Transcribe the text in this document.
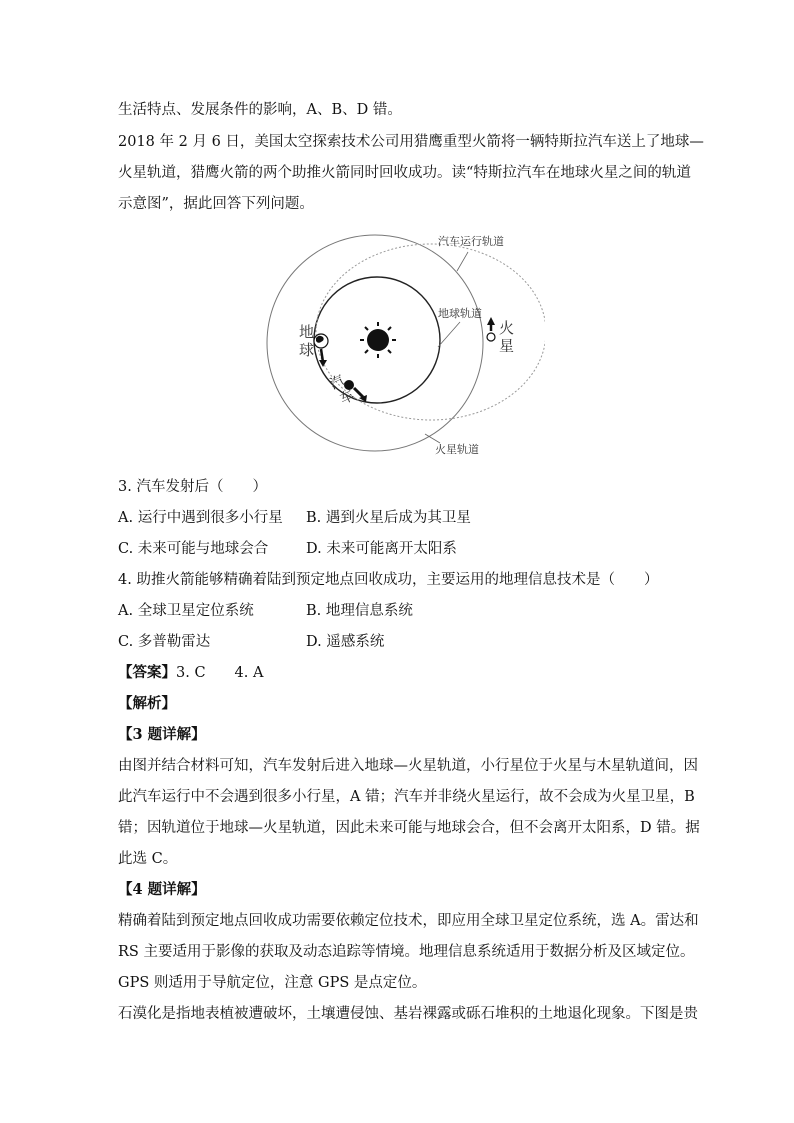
生活特点、发展条件的影响，A、B、D 错。
2018 年 2 月 6 日，美国太空探索技术公司用猎鹰重型火箭将一辆特斯拉汽车送上了地球—
火星轨道，猎鹰火箭的两个助推火箭同时回收成功。读“特斯拉汽车在地球火星之间的轨道
示意图”，据此回答下列问题。
汽车运行轨道
地球轨道
火星轨道
地
球
火
星
汽
车
3. 汽车发射后（　　）
A. 运行中遇到很多小行星 B. 遇到火星后成为其卫星
C. 未来可能与地球会合	D. 未来可能离开太阳系
4. 助推火箭能够精确着陆到预定地点回收成功，主要运用的地理信息技术是（　　）
A. 全球卫星定位系统	B. 地理信息系统
C. 多普勒雷达	D. 遥感系统
【答案】3. C　　4. A
【解析】
【3 题详解】
由图并结合材料可知，汽车发射后进入地球—火星轨道，小行星位于火星与木星轨道间，因
此汽车运行中不会遇到很多小行星，A 错；汽车并非绕火星运行，故不会成为火星卫星，B
错；因轨道位于地球—火星轨道，因此未来可能与地球会合，但不会离开太阳系，D 错。据
此选 C。
【4 题详解】
精确着陆到预定地点回收成功需要依赖定位技术，即应用全球卫星定位系统，选 A。雷达和
RS 主要适用于影像的获取及动态追踪等情境。地理信息系统适用于数据分析及区域定位。
GPS 则适用于导航定位，注意 GPS 是点定位。
石漠化是指地表植被遭破坏，土壤遭侵蚀、基岩裸露或砾石堆积的土地退化现象。下图是贵
